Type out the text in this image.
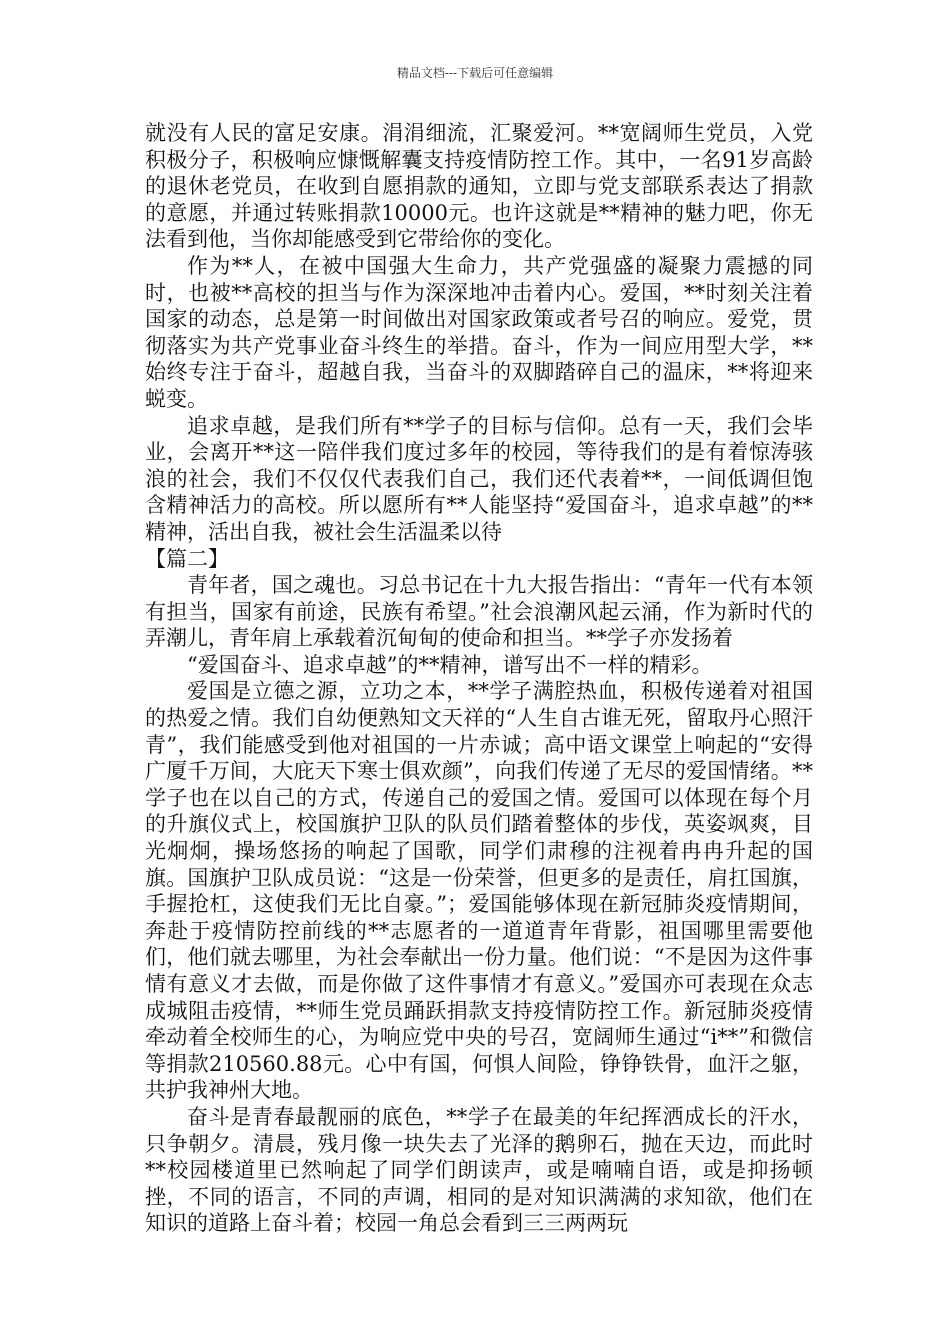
精品文档---下载后可任意编辑

就没有人民的富足安康。涓涓细流，汇聚爱河。**宽阔师生党员，入党积极分子，积极响应慷慨解囊支持疫情防控工作。其中，一名91岁高龄的退休老党员，在收到自愿捐款的通知，立即与党支部联系表达了捐款的意愿，并通过转账捐款10000元。也许这就是**精神的魅力吧，你无法看到他，当你却能感受到它带给你的变化。

作为**人，在被中国强大生命力，共产党强盛的凝聚力震撼的同时，也被**高校的担当与作为深深地冲击着内心。爱国，**时刻关注着国家的动态，总是第一时间做出对国家政策或者号召的响应。爱党，贯彻落实为共产党事业奋斗终生的举措。奋斗，作为一间应用型大学，**始终专注于奋斗，超越自我，当奋斗的双脚踏碎自己的温床，**将迎来蜕变。

追求卓越，是我们所有**学子的目标与信仰。总有一天，我们会毕业，会离开**这一陪伴我们度过多年的校园，等待我们的是有着惊涛骇浪的社会，我们不仅仅代表我们自己，我们还代表着**，一间低调但饱含精神活力的高校。所以愿所有**人能坚持“爱国奋斗，追求卓越”的**精神，活出自我，被社会生活温柔以待

【篇二】

青年者，国之魂也。习总书记在十九大报告指出：“青年一代有本领有担当，国家有前途，民族有希望。”社会浪潮风起云涌，作为新时代的弄潮儿，青年肩上承载着沉甸甸的使命和担当。**学子亦发扬着

“爱国奋斗、追求卓越”的**精神，谱写出不一样的精彩。

爱国是立德之源，立功之本，**学子满腔热血，积极传递着对祖国的热爱之情。我们自幼便熟知文天祥的“人生自古谁无死，留取丹心照汗青”，我们能感受到他对祖国的一片赤诚；高中语文课堂上响起的“安得广厦千万间，大庇天下寒士俱欢颜”，向我们传递了无尽的爱国情绪。**学子也在以自己的方式，传递自己的爱国之情。爱国可以体现在每个月的升旗仪式上，校国旗护卫队的队员们踏着整体的步伐，英姿飒爽，目光炯炯，操场悠扬的响起了国歌，同学们肃穆的注视着冉冉升起的国旗。国旗护卫队成员说：“这是一份荣誉，但更多的是责任，肩扛国旗，手握抢杠，这使我们无比自豪。”；爱国能够体现在新冠肺炎疫情期间，奔赴于疫情防控前线的**志愿者的一道道青年背影，祖国哪里需要他们，他们就去哪里，为社会奉献出一份力量。他们说：“不是因为这件事情有意义才去做，而是你做了这件事情才有意义。”爱国亦可表现在众志成城阻击疫情，**师生党员踊跃捐款支持疫情防控工作。新冠肺炎疫情牵动着全校师生的心，为响应党中央的号召，宽阔师生通过“i**”和微信等捐款210560.88元。心中有国，何惧人间险，铮铮铁骨，血汗之躯，共护我神州大地。

奋斗是青春最靓丽的底色，**学子在最美的年纪挥洒成长的汗水，只争朝夕。清晨，残月像一块失去了光泽的鹅卵石，抛在天边，而此时**校园楼道里已然响起了同学们朗读声，或是喃喃自语，或是抑扬顿挫，不同的语言，不同的声调，相同的是对知识满满的求知欲，他们在知识的道路上奋斗着；校园一角总会看到三三两两玩
